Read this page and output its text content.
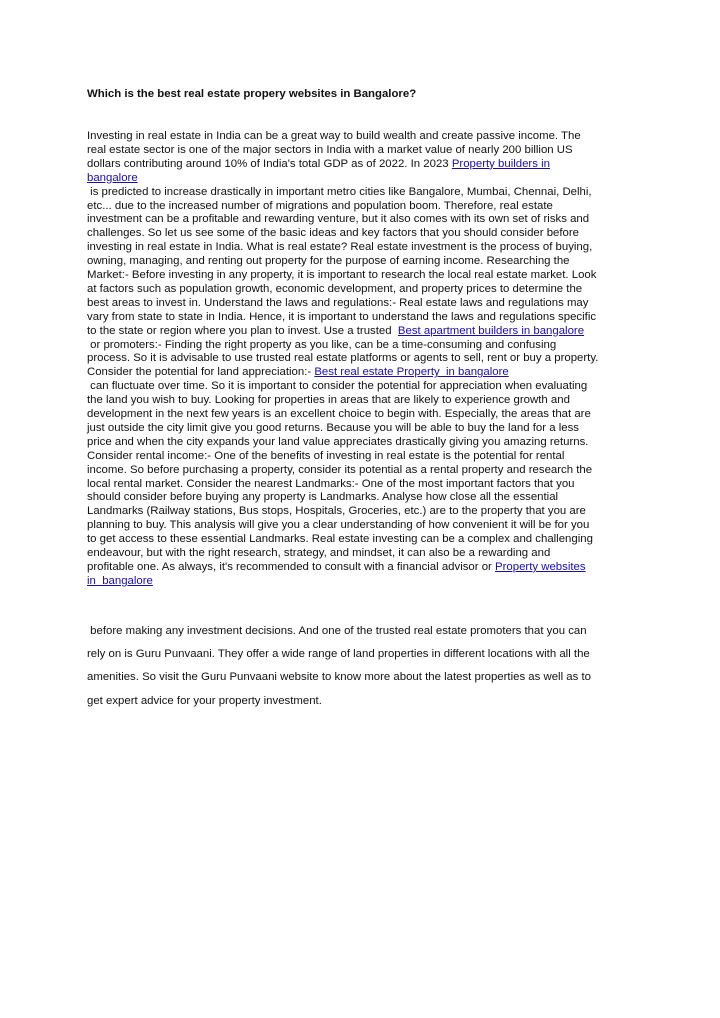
Which is the best real estate propery websites in Bangalore?
Investing in real estate in India can be a great way to build wealth and create passive income. The
real estate sector is one of the major sectors in India with a market value of nearly 200 billion US
dollars contributing around 10% of India's total GDP as of 2022. In 2023 Property builders in
bangalore
is predicted to increase drastically in important metro cities like Bangalore, Mumbai, Chennai, Delhi,
etc... due to the increased number of migrations and population boom. Therefore, real estate
investment can be a profitable and rewarding venture, but it also comes with its own set of risks and
challenges. So let us see some of the basic ideas and key factors that you should consider before
investing in real estate in India. What is real estate? Real estate investment is the process of buying,
owning, managing, and renting out property for the purpose of earning income. Researching the
Market:- Before investing in any property, it is important to research the local real estate market. Look
at factors such as population growth, economic development, and property prices to determine the
best areas to invest in. Understand the laws and regulations:- Real estate laws and regulations may
vary from state to state in India. Hence, it is important to understand the laws and regulations specific
to the state or region where you plan to invest. Use a trusted  Best apartment builders in bangalore
or promoters:- Finding the right property as you like, can be a time-consuming and confusing
process. So it is advisable to use trusted real estate platforms or agents to sell, rent or buy a property.
Consider the potential for land appreciation:- Best real estate Property  in bangalore
can fluctuate over time. So it is important to consider the potential for appreciation when evaluating
the land you wish to buy. Looking for properties in areas that are likely to experience growth and
development in the next few years is an excellent choice to begin with. Especially, the areas that are
just outside the city limit give you good returns. Because you will be able to buy the land for a less
price and when the city expands your land value appreciates drastically giving you amazing returns.
Consider rental income:- One of the benefits of investing in real estate is the potential for rental
income. So before purchasing a property, consider its potential as a rental property and research the
local rental market. Consider the nearest Landmarks:- One of the most important factors that you
should consider before buying any property is Landmarks. Analyse how close all the essential
Landmarks (Railway stations, Bus stops, Hospitals, Groceries, etc.) are to the property that you are
planning to buy. This analysis will give you a clear understanding of how convenient it will be for you
to get access to these essential Landmarks. Real estate investing can be a complex and challenging
endeavour, but with the right research, strategy, and mindset, it can also be a rewarding and
profitable one. As always, it's recommended to consult with a financial advisor or Property websites
in  bangalore
before making any investment decisions. And one of the trusted real estate promoters that you can
rely on is Guru Punvaani. They offer a wide range of land properties in different locations with all the
amenities. So visit the Guru Punvaani website to know more about the latest properties as well as to
get expert advice for your property investment.
